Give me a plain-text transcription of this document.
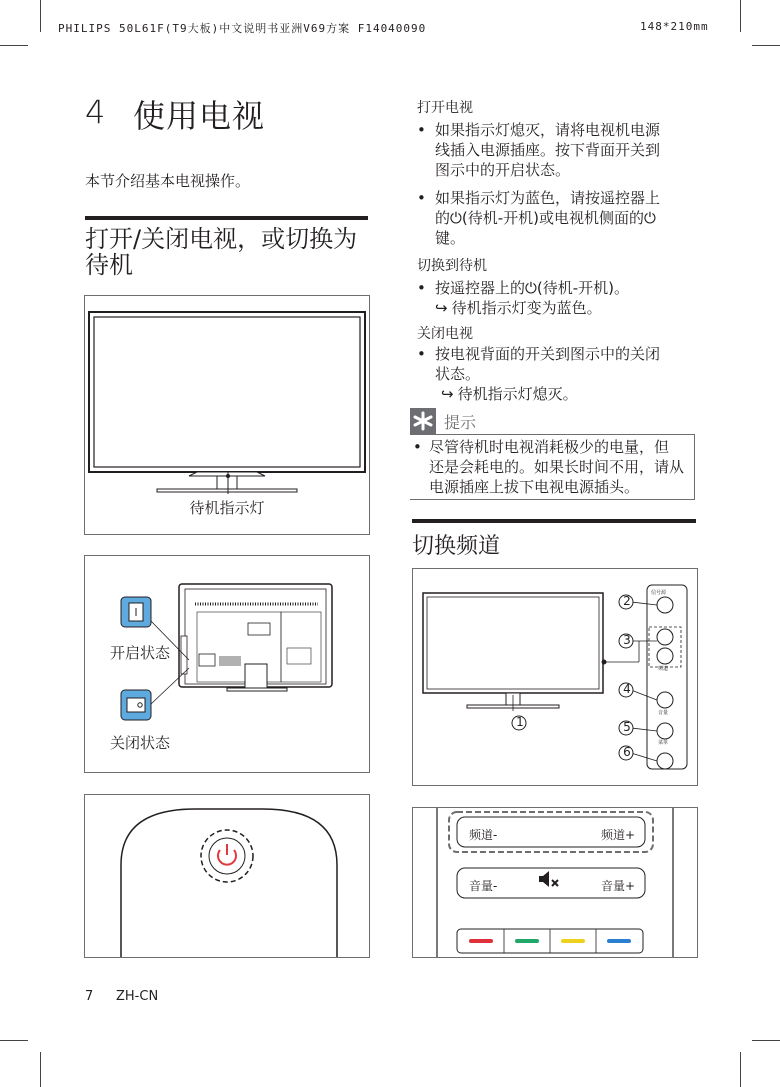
PHILIPS 50L61F(T9大板)中文说明书亚洲V69方案 F14040090	148*210mm
4 使用电视
本节介绍基本电视操作。
打开/关闭电视，或切换为
待机
待机指示灯
开启状态
关闭状态
打开电视
• 如果指示灯熄灭，请将电视机电源
线插入电源插座。按下背面开关到
图示中的开启状态。
• 如果指示灯为蓝色，请按遥控器上
的⏻(待机-开机)或电视机侧面的⏻
键。
切换到待机
• 按遥控器上的⏻(待机-开机)。
↪ 待机指示灯变为蓝色。
关闭电视
• 按电视背面的开关到图示中的关闭
状态。
↪ 待机指示灯熄灭。
提示
• 尽管待机时电视消耗极少的电量，但
还是会耗电的。如果长时间不用，请从
电源插座上拔下电视电源插头。
切换频道
1
2
3
4
5
6
信号源
频道
音量
菜单
频道-	频道+
音量-	音量+
7 ZH-CN
